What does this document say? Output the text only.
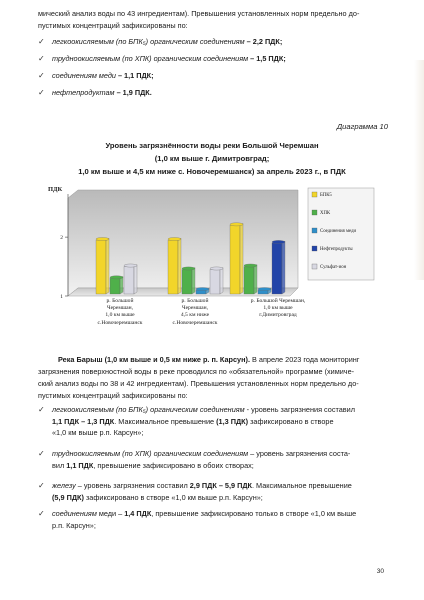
мический анализ воды по 43 ингредиентам). Превышения установленных норм предельно до-
пустимых концентраций зафиксированы по:
✓ легкоокисляемым (по БПК₅) органическим соединениям – 2,2 ПДК;
✓ трудноокисляемым (по ХПК) органическим соединениям – 1,5 ПДК;
✓ соединениям меди – 1,1 ПДК;
✓ нефтепродуктам – 1,9 ПДК.
Диаграмма 10
Уровень загрязнённости воды реки Большой Черемшан
(1,0 км выше г. Димитровград;
1,0 км выше и 4,5 км ниже с. Новочеремшанск) за апрель 2023 г., в ПДК
ПДК
1
2
БПК5
ХПК
Соединения меди
Нефтепродукты
Сульфат-ион
р. Большой
Черемшан,
1,0 км выше
с.Новочеремшанск
р. Большой
Черемшан,
4,5 км ниже
с.Новочеремшанск
р. Большой Черемшан,
1,0 км выше
г.Димитровград
Река Барыш (1,0 км выше и 0,5 км ниже р. п. Карсун). В апреле 2023 года мониторинг
загрязнения поверхностной воды в реке проводился по «обязательной» программе (химиче-
ский анализ воды по 38 и 42 ингредиентам). Превышения установленных норм предельно до-
пустимых концентраций зафиксированы по:
✓ легкоокисляемым (по БПК₅) органическим соединениям - уровень загрязнения составил
1,1 ПДК – 1,3 ПДК. Максимальное превышение (1,3 ПДК) зафиксировано в створе
«1,0 км выше р.п. Карсун»;
✓ трудноокисляемым (по ХПК) органическим соединениям – уровень загрязнения соста-
вил 1,1 ПДК, превышение зафиксировано в обоих створах;
✓ железу – уровень загрязнения составил 2,9 ПДК – 5,9 ПДК. Максимальное превышение
(5,9 ПДК) зафиксировано в створе «1,0 км выше р.п. Карсун»;
✓ соединениям меди – 1,4 ПДК, превышение зафиксировано только в створе «1,0 км выше
р.п. Карсун»;
30
